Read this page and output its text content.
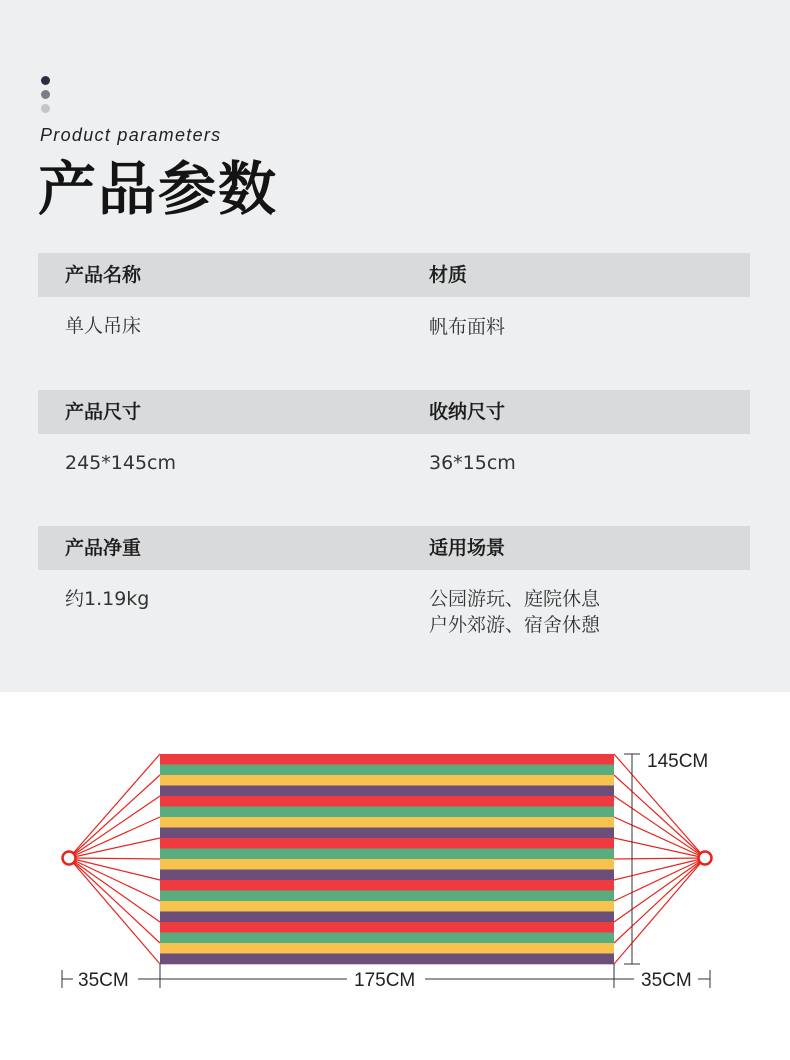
Product parameters
产品参数
产品名称	材质
单人吊床	帆布面料
产品尺寸	收纳尺寸
245*145cm	36*15cm
产品净重	适用场景
约1.19kg	公园游玩、庭院休息
户外郊游、宿舍休憩
145CM
35CM	175CM	35CM
